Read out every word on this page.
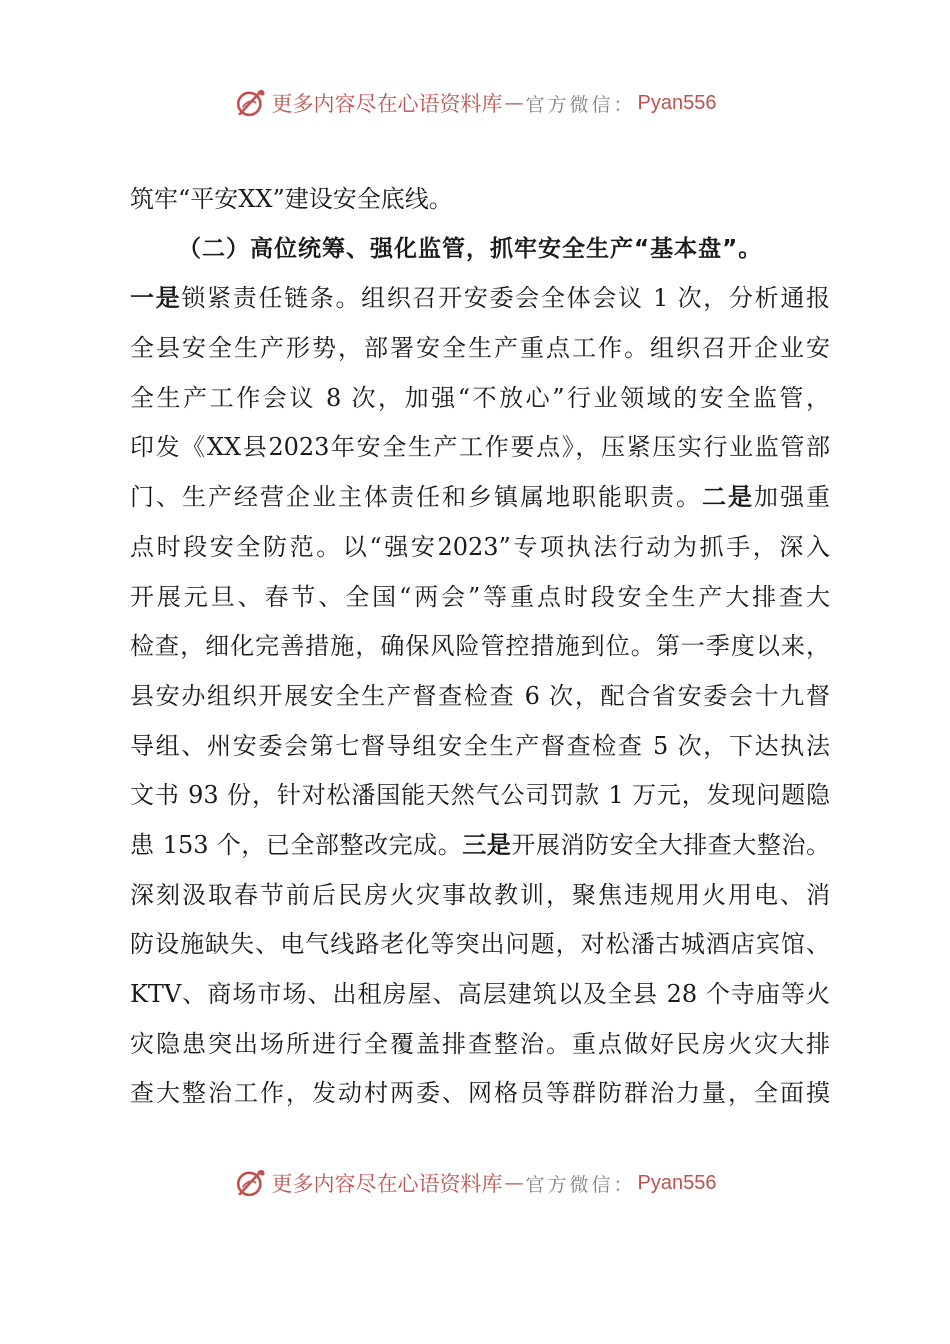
更多内容尽在心语资料库 — 官方微信： Pyan556
筑牢“平安XX”建设安全底线。
（二）高位统筹、强化监管，抓牢安全生产“基本盘”。
一是锁紧责任链条。组织召开安委会全体会议 1 次，分析通报
全县安全生产形势，部署安全生产重点工作。组织召开企业安
全生产工作会议 8 次，加强“不放心”行业领域的安全监管，
印发《XX县2023年安全生产工作要点》，压紧压实行业监管部
门、生产经营企业主体责任和乡镇属地职能职责。二是加强重
点时段安全防范。以“强安2023”专项执法行动为抓手，深入
开展元旦、春节、全国“两会”等重点时段安全生产大排查大
检查，细化完善措施，确保风险管控措施到位。第一季度以来，
县安办组织开展安全生产督查检查 6 次，配合省安委会十九督
导组、州安委会第七督导组安全生产督查检查 5 次，下达执法
文书 93 份，针对松潘国能天然气公司罚款 1 万元，发现问题隐
患 153 个，已全部整改完成。三是开展消防安全大排查大整治。
深刻汲取春节前后民房火灾事故教训，聚焦违规用火用电、消
防设施缺失、电气线路老化等突出问题，对松潘古城酒店宾馆、
KTV、商场市场、出租房屋、高层建筑以及全县 28 个寺庙等火
灾隐患突出场所进行全覆盖排查整治。重点做好民房火灾大排
查大整治工作，发动村两委、网格员等群防群治力量，全面摸
更多内容尽在心语资料库 — 官方微信： Pyan556
